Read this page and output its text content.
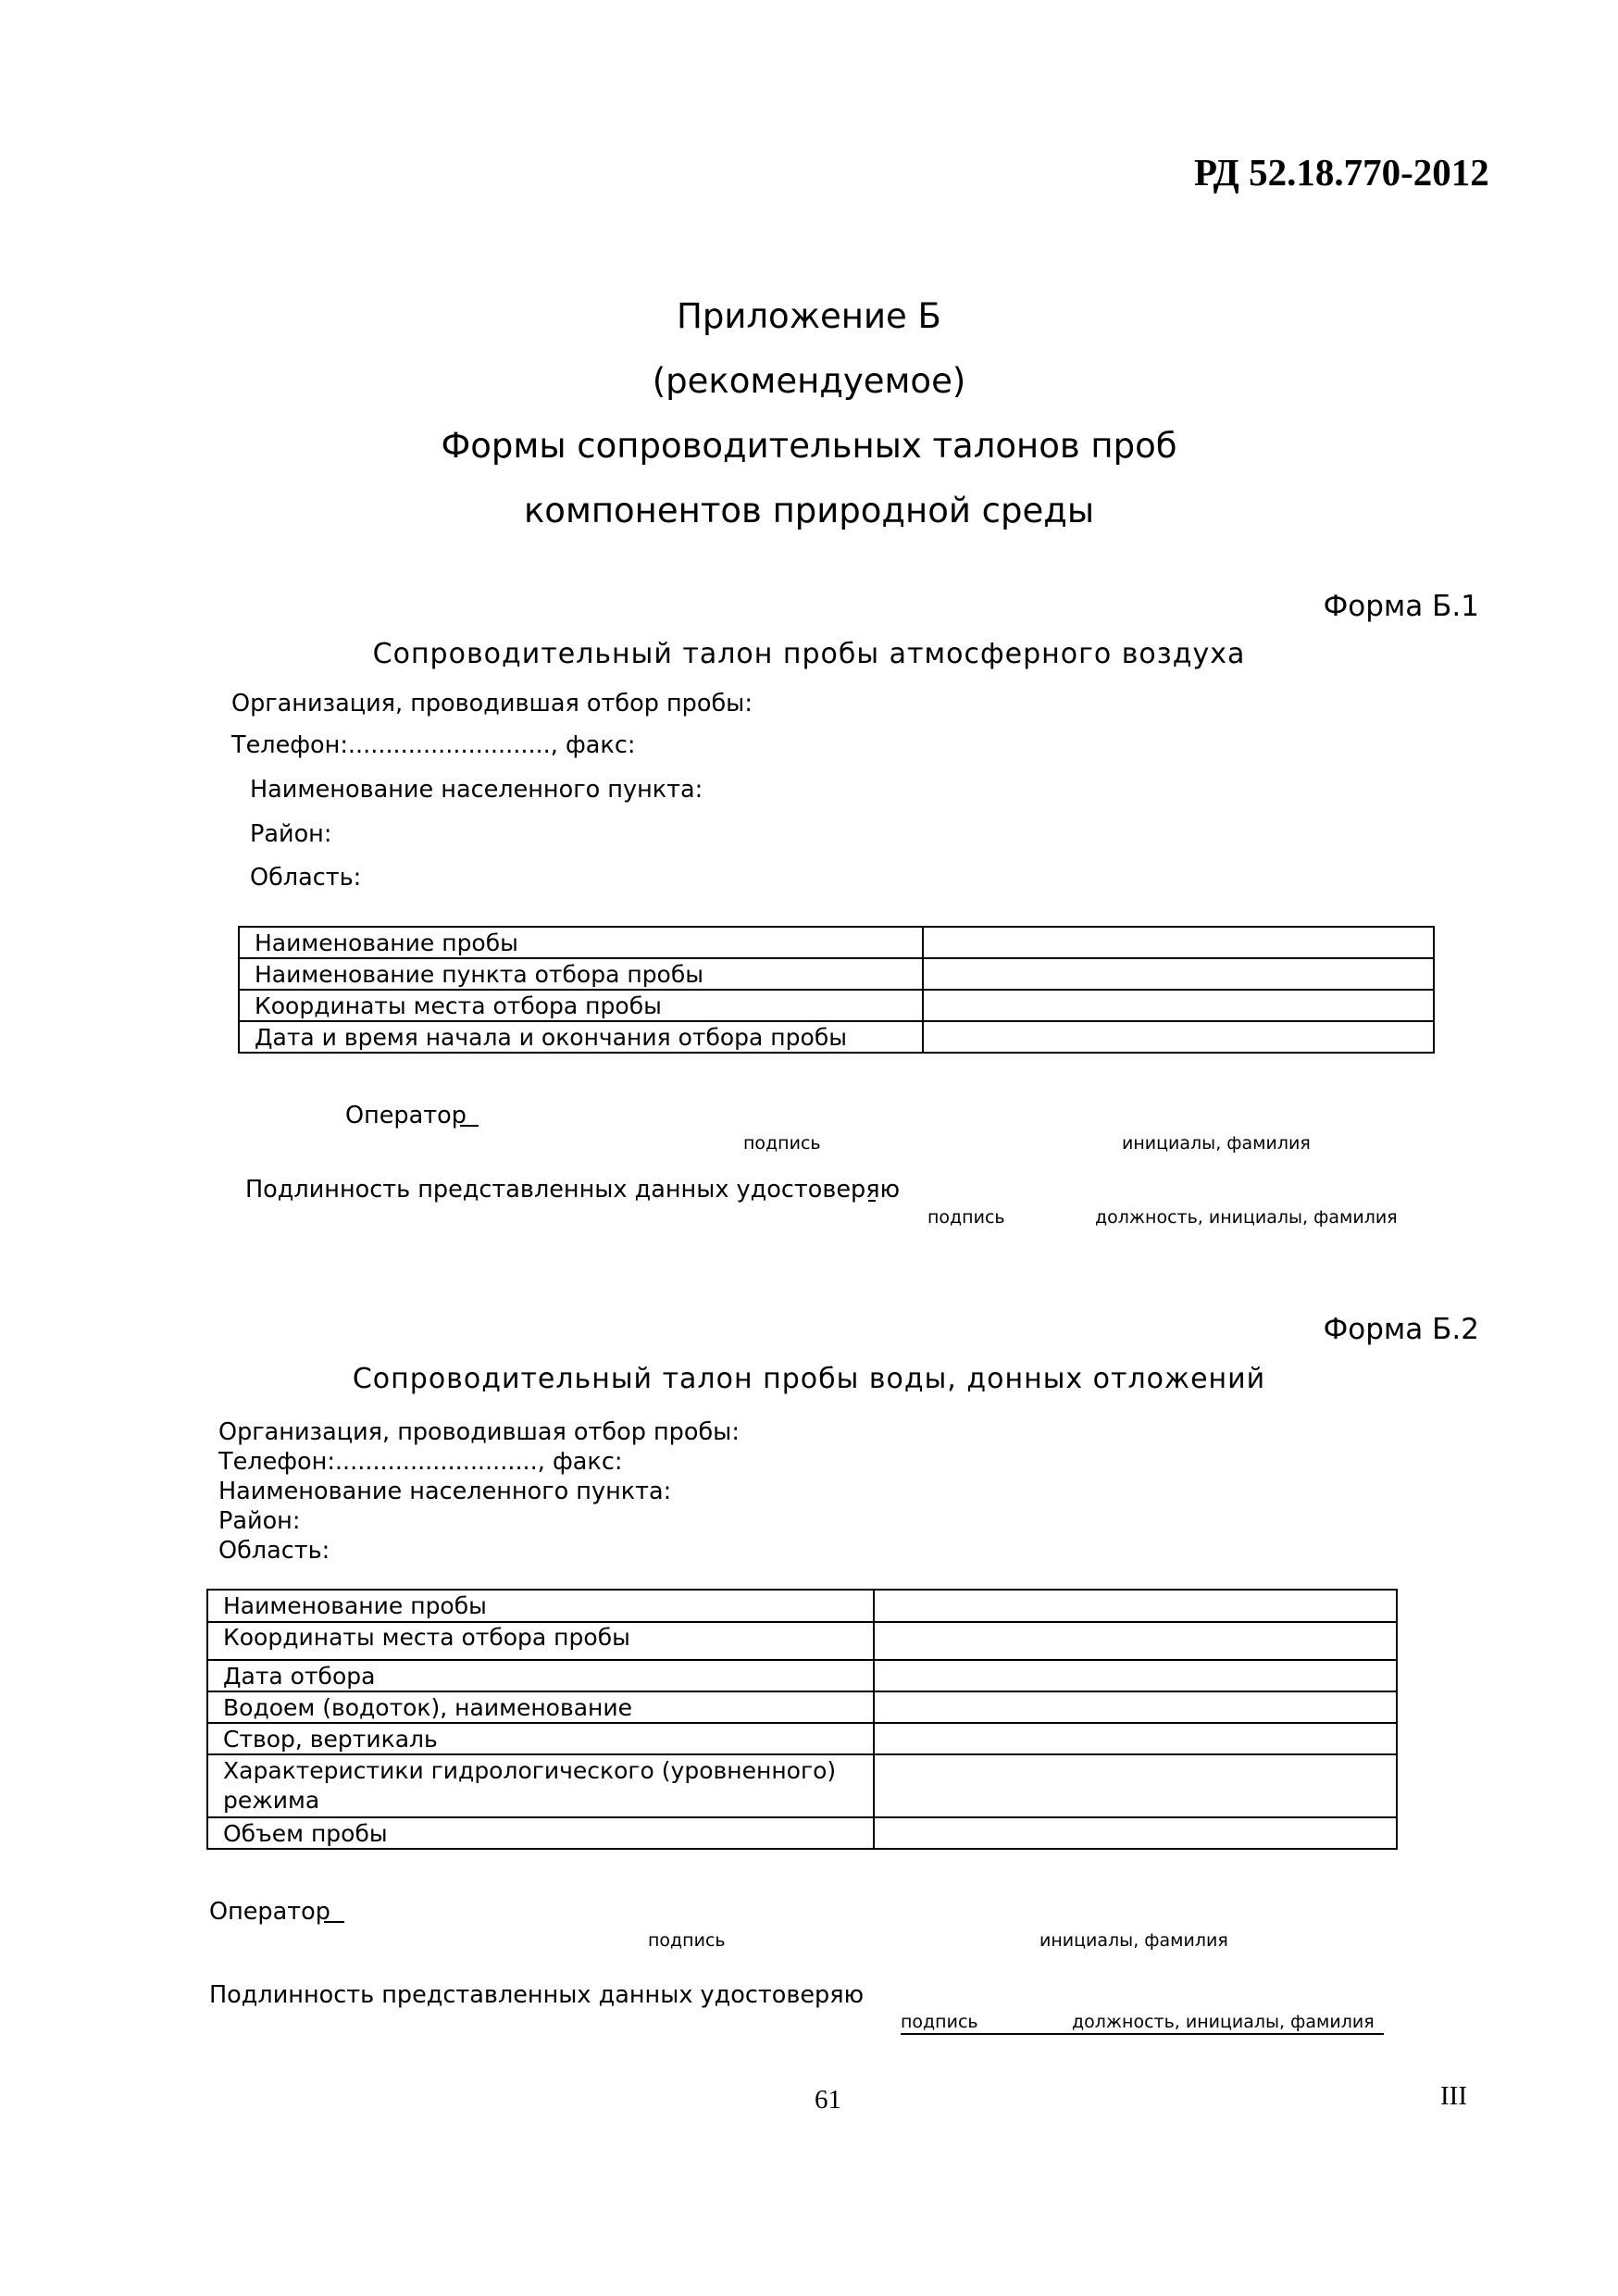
РД 52.18.770-2012
Приложение Б
(рекомендуемое)
Формы сопроводительных талонов проб
компонентов природной среды
Форма Б.1
Сопроводительный талон пробы атмосферного воздуха
Организация, проводившая отбор пробы:
Телефон:..........................., факс:
Наименование населенного пункта:
Район:
Область:
Наименование пробы	
Наименование пункта отбора пробы	
Координаты места отбора пробы	
Дата и время начала и окончания отбора пробы	
Оператор
подпись	инициалы, фамилия
Подлинность представленных данных удостоверяю
подпись	должность, инициалы, фамилия
Форма Б.2
Сопроводительный талон пробы воды, донных отложений
Организация, проводившая отбор пробы:
Телефон:..........................., факс:
Наименование населенного пункта:
Район:
Область:
Наименование пробы	
Координаты места отбора пробы	
Дата отбора	
Водоем (водоток), наименование	
Створ, вертикаль	
Характеристики гидрологического (уровненного) режима	
Объем пробы	
Оператор
подпись	инициалы, фамилия
Подлинность представленных данных удостоверяю
подпись	должность, инициалы, фамилия
61	III
